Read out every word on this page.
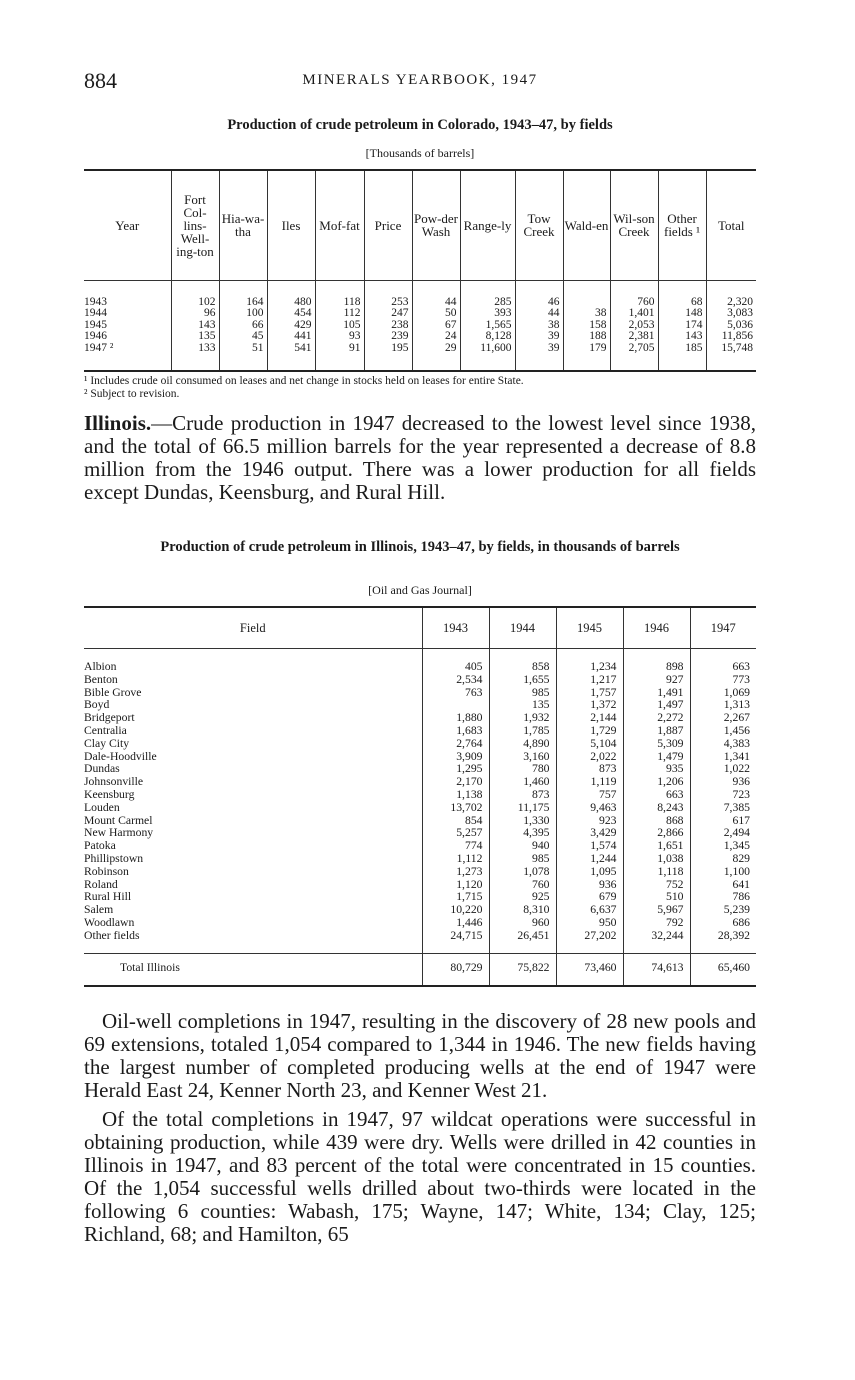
884	MINERALS YEARBOOK, 1947
Production of crude petroleum in Colorado, 1943–47, by fields
[Thousands of barrels]
Year	Fort Col-lins-Well-ing-ton	Hia-wa-tha	Iles	Mof-fat	Price	Pow-der Wash	Range-ly	Tow Creek	Wald-en	Wil-son Creek	Other fields ¹	Total

1943	102	164	480	118	253	44	285	46		760	68	2,320
1944	96	100	454	112	247	50	393	44	38	1,401	148	3,083
1945	143	66	429	105	238	67	1,565	38	158	2,053	174	5,036
1946	135	45	441	93	239	24	8,128	39	188	2,381	143	11,856
1947 ²	133	51	541	91	195	29	11,600	39	179	2,705	185	15,748

¹ Includes crude oil consumed on leases and net change in stocks held on leases for entire State.
² Subject to revision.
Illinois.—Crude production in 1947 decreased to the lowest level since 1938, and the total of 66.5 million barrels for the year represented a decrease of 8.8 million from the 1946 output. There was a lower production for all fields except Dundas, Keensburg, and Rural Hill.
Production of crude petroleum in Illinois, 1943–47, by fields, in thousands of barrels
[Oil and Gas Journal]
Field	1943	1944	1945	1946	1947

Albion	405	858	1,234	898	663
Benton	2,534	1,655	1,217	927	773
Bible Grove	763	985	1,757	1,491	1,069
Boyd		135	1,372	1,497	1,313
Bridgeport	1,880	1,932	2,144	2,272	2,267
Centralia	1,683	1,785	1,729	1,887	1,456
Clay City	2,764	4,890	5,104	5,309	4,383
Dale-Hoodville	3,909	3,160	2,022	1,479	1,341
Dundas	1,295	780	873	935	1,022
Johnsonville	2,170	1,460	1,119	1,206	936
Keensburg	1,138	873	757	663	723
Louden	13,702	11,175	9,463	8,243	7,385
Mount Carmel	854	1,330	923	868	617
New Harmony	5,257	4,395	3,429	2,866	2,494
Patoka	774	940	1,574	1,651	1,345
Phillipstown	1,112	985	1,244	1,038	829
Robinson	1,273	1,078	1,095	1,118	1,100
Roland	1,120	760	936	752	641
Rural Hill	1,715	925	679	510	786
Salem	10,220	8,310	6,637	5,967	5,239
Woodlawn	1,446	960	950	792	686
Other fields	24,715	26,451	27,202	32,244	28,392

Total Illinois	80,729	75,822	73,460	74,613	65,460

Oil-well completions in 1947, resulting in the discovery of 28 new pools and 69 extensions, totaled 1,054 compared to 1,344 in 1946. The new fields having the largest number of completed producing wells at the end of 1947 were Herald East 24, Kenner North 23, and Kenner West 21.
Of the total completions in 1947, 97 wildcat operations were successful in obtaining production, while 439 were dry. Wells were drilled in 42 counties in Illinois in 1947, and 83 percent of the total were concentrated in 15 counties. Of the 1,054 successful wells drilled about two-thirds were located in the following 6 counties: Wabash, 175; Wayne, 147; White, 134; Clay, 125; Richland, 68; and Hamilton, 65
